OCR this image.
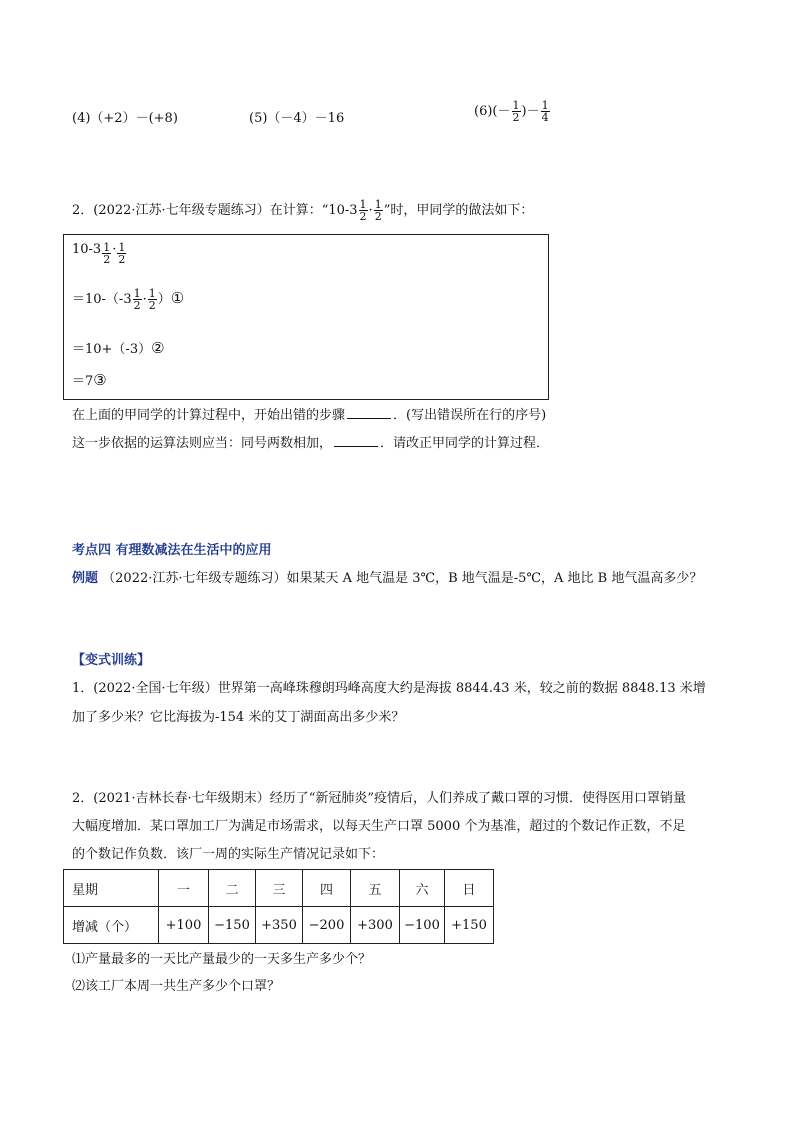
(4)（+2）－(+8)	(5)（－4）－16	$(6)(- \frac{1}{2}$ )－ $\frac{1}{4}$
2．(2022·江苏·七年级专题练习）在计算：“$10-3 \frac{1}{2} \cdot \frac{1}{2}$ ”时，甲同学的做法如下：
$10-3 \frac{1}{2} \cdot \frac{1}{2}$
$=10-(-3 \frac{1}{2} \cdot \frac{1}{2}$ ）①
＝10+（-3）②
＝7③
在上面的甲同学的计算过程中，开始出错的步骤	．(写出错误所在行的序号)
这一步依据的运算法则应当：同号两数相加，	．请改正甲同学的计算过程．
考点四 有理数减法在生活中的应用
例题 （2022·江苏·七年级专题练习）如果某天 A 地气温是 3℃，B 地气温是-5℃，A 地比 B 地气温高多少？
【变式训练】
1．(2022·全国·七年级）世界第一高峰珠穆朗玛峰高度大约是海拔 8844.43 米，较之前的数据 8848.13 米增
加了多少米？它比海拔为-154 米的艾丁湖面高出多少米？
2．(2021·吉林长春·七年级期末）经历了“新冠肺炎”疫情后，人们养成了戴口罩的习惯．使得医用口罩销量
大幅度增加．某口罩加工厂为满足市场需求，以每天生产口罩 5000 个为基准，超过的个数记作正数，不足
的个数记作负数．该厂一周的实际生产情况记录如下：
星期	一	二	三	四	五	六	日
增减（个）	+100	−150	+350	−200	+300	−100	+150
⑴产量最多的一天比产量最少的一天多生产多少个？
⑵该工厂本周一共生产多少个口罩？
